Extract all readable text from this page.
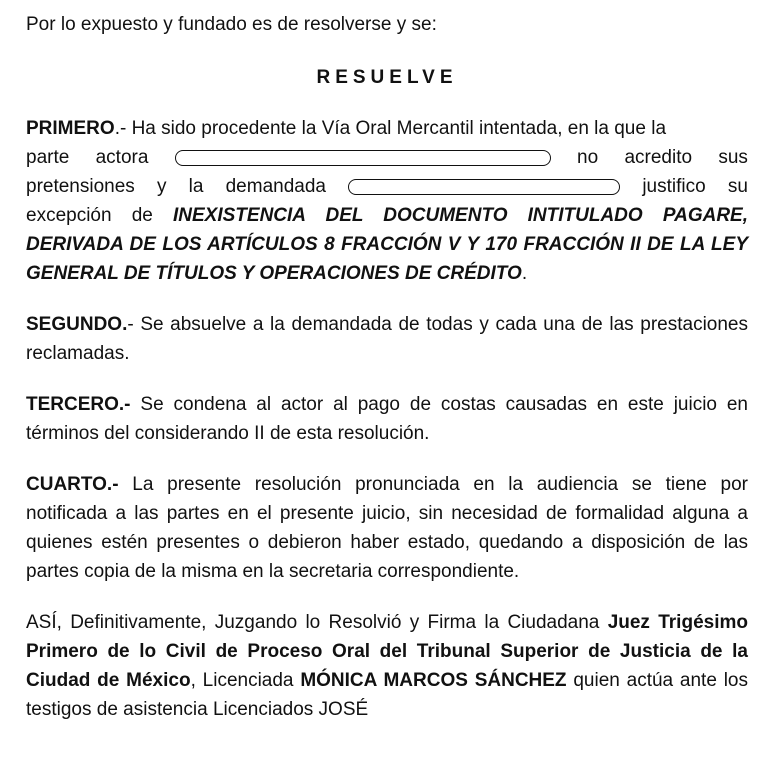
Por lo expuesto y fundado es de resolverse y se:

RESUELVE

PRIMERO.- Ha sido procedente la Vía Oral Mercantil intentada, en la que la

parte actora	no acredito sus

pretensiones y la demandada	justifico su

excepción de INEXISTENCIA DEL DOCUMENTO INTITULADO PAGARE, DERIVADA DE LOS ARTÍCULOS 8 FRACCIÓN V Y 170 FRACCIÓN II DE LA LEY GENERAL DE TÍTULOS Y OPERACIONES DE CRÉDITO.

SEGUNDO.- Se absuelve a la demandada de todas y cada una de las prestaciones reclamadas.

TERCERO.- Se condena al actor al pago de costas causadas en este juicio en términos del considerando II de esta resolución.

CUARTO.- La presente resolución pronunciada en la audiencia se tiene por notificada a las partes en el presente juicio, sin necesidad de formalidad alguna a quienes estén presentes o debieron haber estado, quedando a disposición de las partes copia de la misma en la secretaria correspondiente.

ASÍ, Definitivamente, Juzgando lo Resolvió y Firma la Ciudadana Juez Trigésimo Primero de lo Civil de Proceso Oral del Tribunal Superior de Justicia de la Ciudad de México, Licenciada MÓNICA MARCOS SÁNCHEZ quien actúa ante los testigos de asistencia Licenciados JOSÉ
